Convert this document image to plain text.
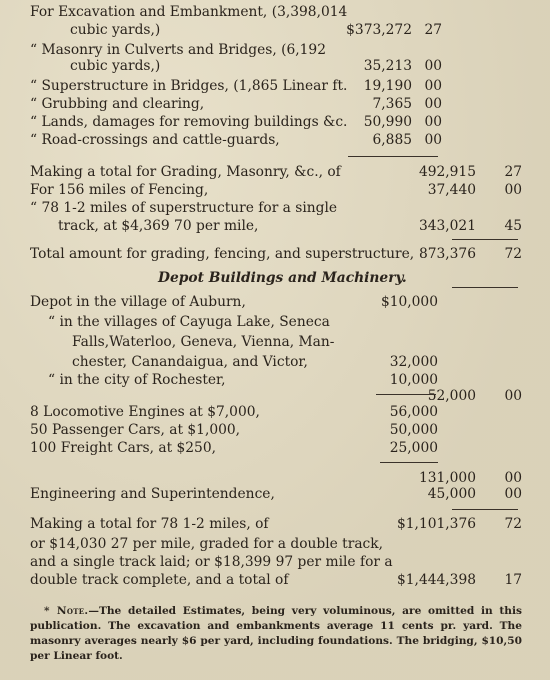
For Excavation and Embankment, (3,398,014
cubic yards,)	$373,272 27
“ Masonry in Culverts and Bridges, (6,192
cubic yards,)	35,213 00
“ Superstructure in Bridges, (1,865 Linear ft.	19,190 00
“ Grubbing and clearing,	7,365 00
“ Lands, damages for removing buildings &c.	50,990 00
“ Road-crossings and cattle-guards,	6,885 00
Making a total for Grading, Masonry, &c., of	492,915	27
For 156 miles of Fencing,	37,440	00
“ 78 1-2 miles of superstructure for a single
track, at $4,369 70 per mile,	343,021	45
Total amount for grading, fencing, and superstructure, 873,376	72
Depot Buildings and Machinery.
Depot in the village of Auburn,	$10,000
“ in the villages of Cayuga Lake, Seneca
Falls,Waterloo, Geneva, Vienna, Man-
chester, Canandaigua, and Victor,	32,000
“ in the city of Rochester,	10,000
52,000	00
8 Locomotive Engines at $7,000,	56,000
50 Passenger Cars, at $1,000,	50,000
100 Freight Cars, at $250,	25,000
131,000	00
Engineering and Superintendence,	45,000	00
Making a total for 78 1-2 miles, of	$1,101,376	72
or $14,030 27 per mile, graded for a double track,
and a single track laid; or $18,399 97 per mile for a
double track complete, and a total of	$1,444,398	17
* Note.—The detailed Estimates, being very voluminous, are omitted in this publication. The excavation and embankments average 11 cents pr. yard. The masonry averages nearly $6 per yard, including foundations. The bridging, $10,50 per Linear foot.
